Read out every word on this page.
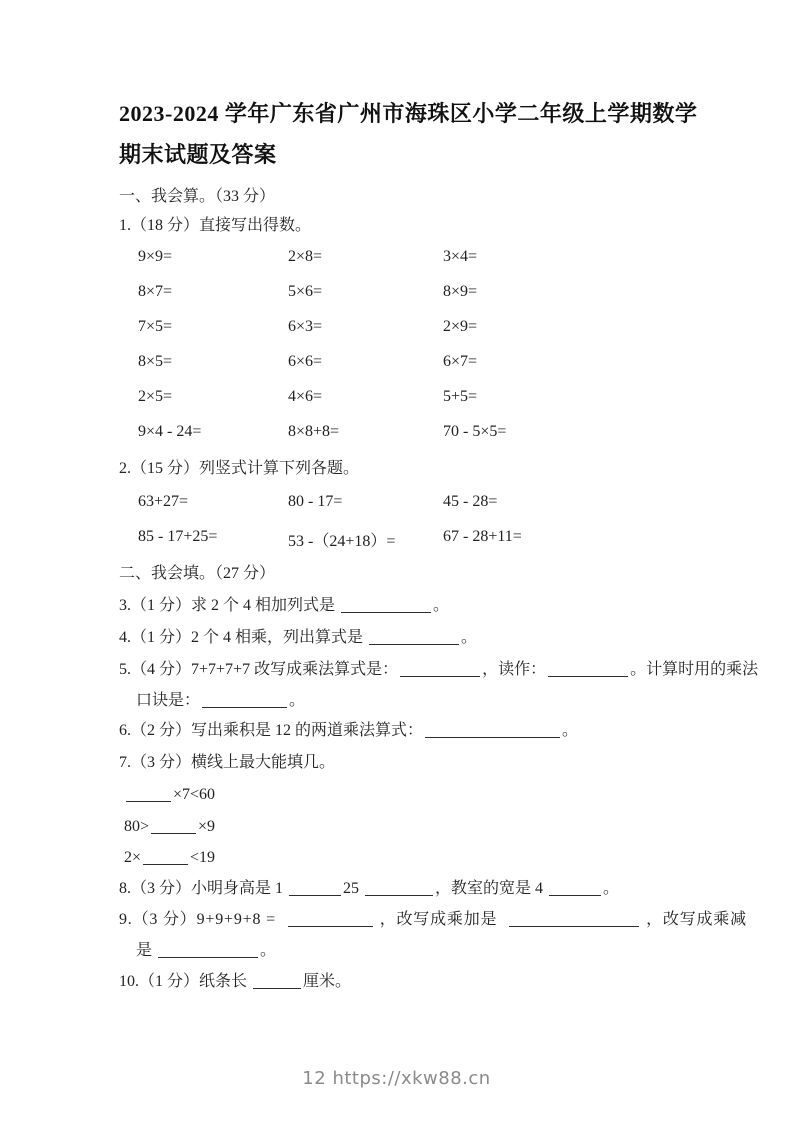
2023-2024 学年广东省广州市海珠区小学二年级上学期数学
期末试题及答案
一、我会算。（33 分）
1.（18 分）直接写出得数。
9×9=	2×8=	3×4=
8×7=	5×6=	8×9=
7×5=	6×3=	2×9=
8×5=	6×6=	6×7=
2×5=	4×6=	5+5=
9×4 - 24=	8×8+8=	70 - 5×5=
2.（15 分）列竖式计算下列各题。
63+27=	80 - 17=	45 - 28=
85 - 17+25=	53 -（24+18）=	67 - 28+11=
二、我会填。（27 分）
3.（1 分）求 2 个 4 相加列式是	。
4.（1 分）2 个 4 相乘，列出算式是	。
5.（4 分）7+7+7+7 改写成乘法算式是：	，读作：	。计算时用的乘法
口诀是：	。
6.（2 分）写出乘积是 12 的两道乘法算式：	。
7.（3 分）横线上最大能填几。
×7<60
80>	×9
2×	<19
8.（3 分）小明身高是 1	25	，教室的宽是 4	。
9.（3 分）9+9+9+8 =	，改写成乘加是	，改写成乘减
是	。
10.（1 分）纸条长	厘米。
12 https://xkw88.cn
